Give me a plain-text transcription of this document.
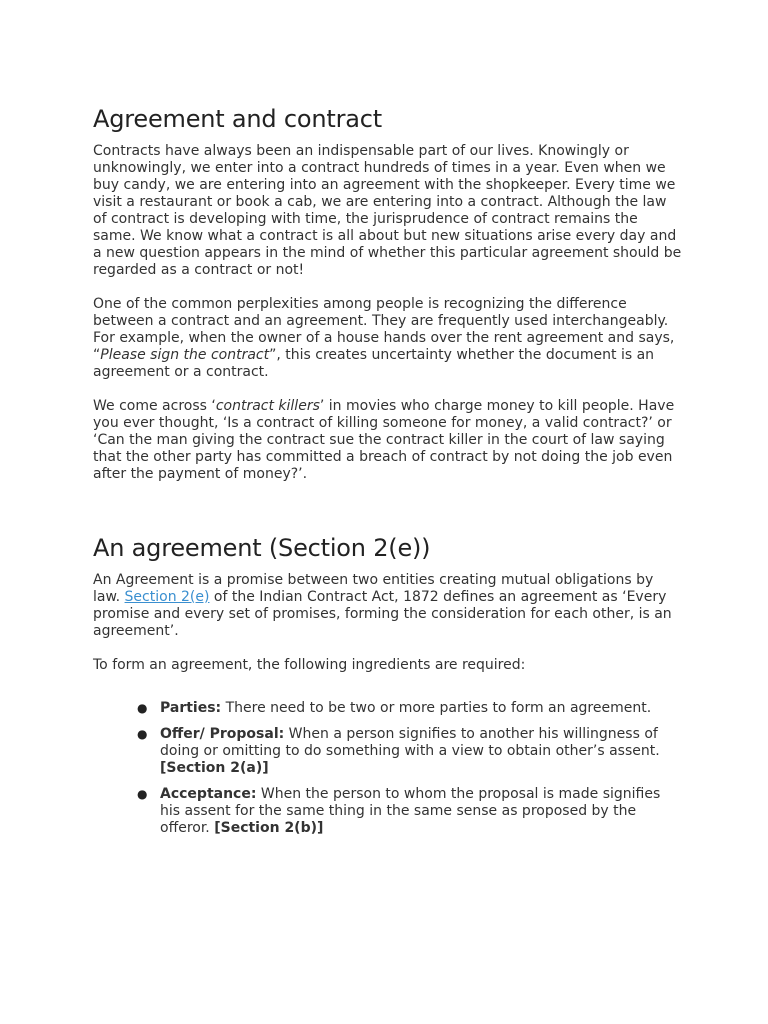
Agreement and contract

Contracts have always been an indispensable part of our lives. Knowingly or unknowingly, we enter into a contract hundreds of times in a year. Even when we buy candy, we are entering into an agreement with the shopkeeper. Every time we visit a restaurant or book a cab, we are entering into a contract. Although the law of contract is developing with time, the jurisprudence of contract remains the same. We know what a contract is all about but new situations arise every day and a new question appears in the mind of whether this particular agreement should be regarded as a contract or not!

One of the common perplexities among people is recognizing the difference between a contract and an agreement. They are frequently used interchangeably. For example, when the owner of a house hands over the rent agreement and says, “Please sign the contract”, this creates uncertainty whether the document is an agreement or a contract.

We come across ‘contract killers’ in movies who charge money to kill people. Have you ever thought, ‘Is a contract of killing someone for money, a valid contract?’ or ‘Can the man giving the contract sue the contract killer in the court of law saying that the other party has committed a breach of contract by not doing the job even after the payment of money?’.

An agreement (Section 2(e))

An Agreement is a promise between two entities creating mutual obligations by law. Section 2(e) of the Indian Contract Act, 1872 defines an agreement as ‘Every promise and every set of promises, forming the consideration for each other, is an agreement’.

To form an agreement, the following ingredients are required:

● Parties: There need to be two or more parties to form an agreement.
● Offer/ Proposal: When a person signifies to another his willingness of doing or omitting to do something with a view to obtain other’s assent. [Section 2(a)]
● Acceptance: When the person to whom the proposal is made signifies his assent for the same thing in the same sense as proposed by the offeror. [Section 2(b)]
